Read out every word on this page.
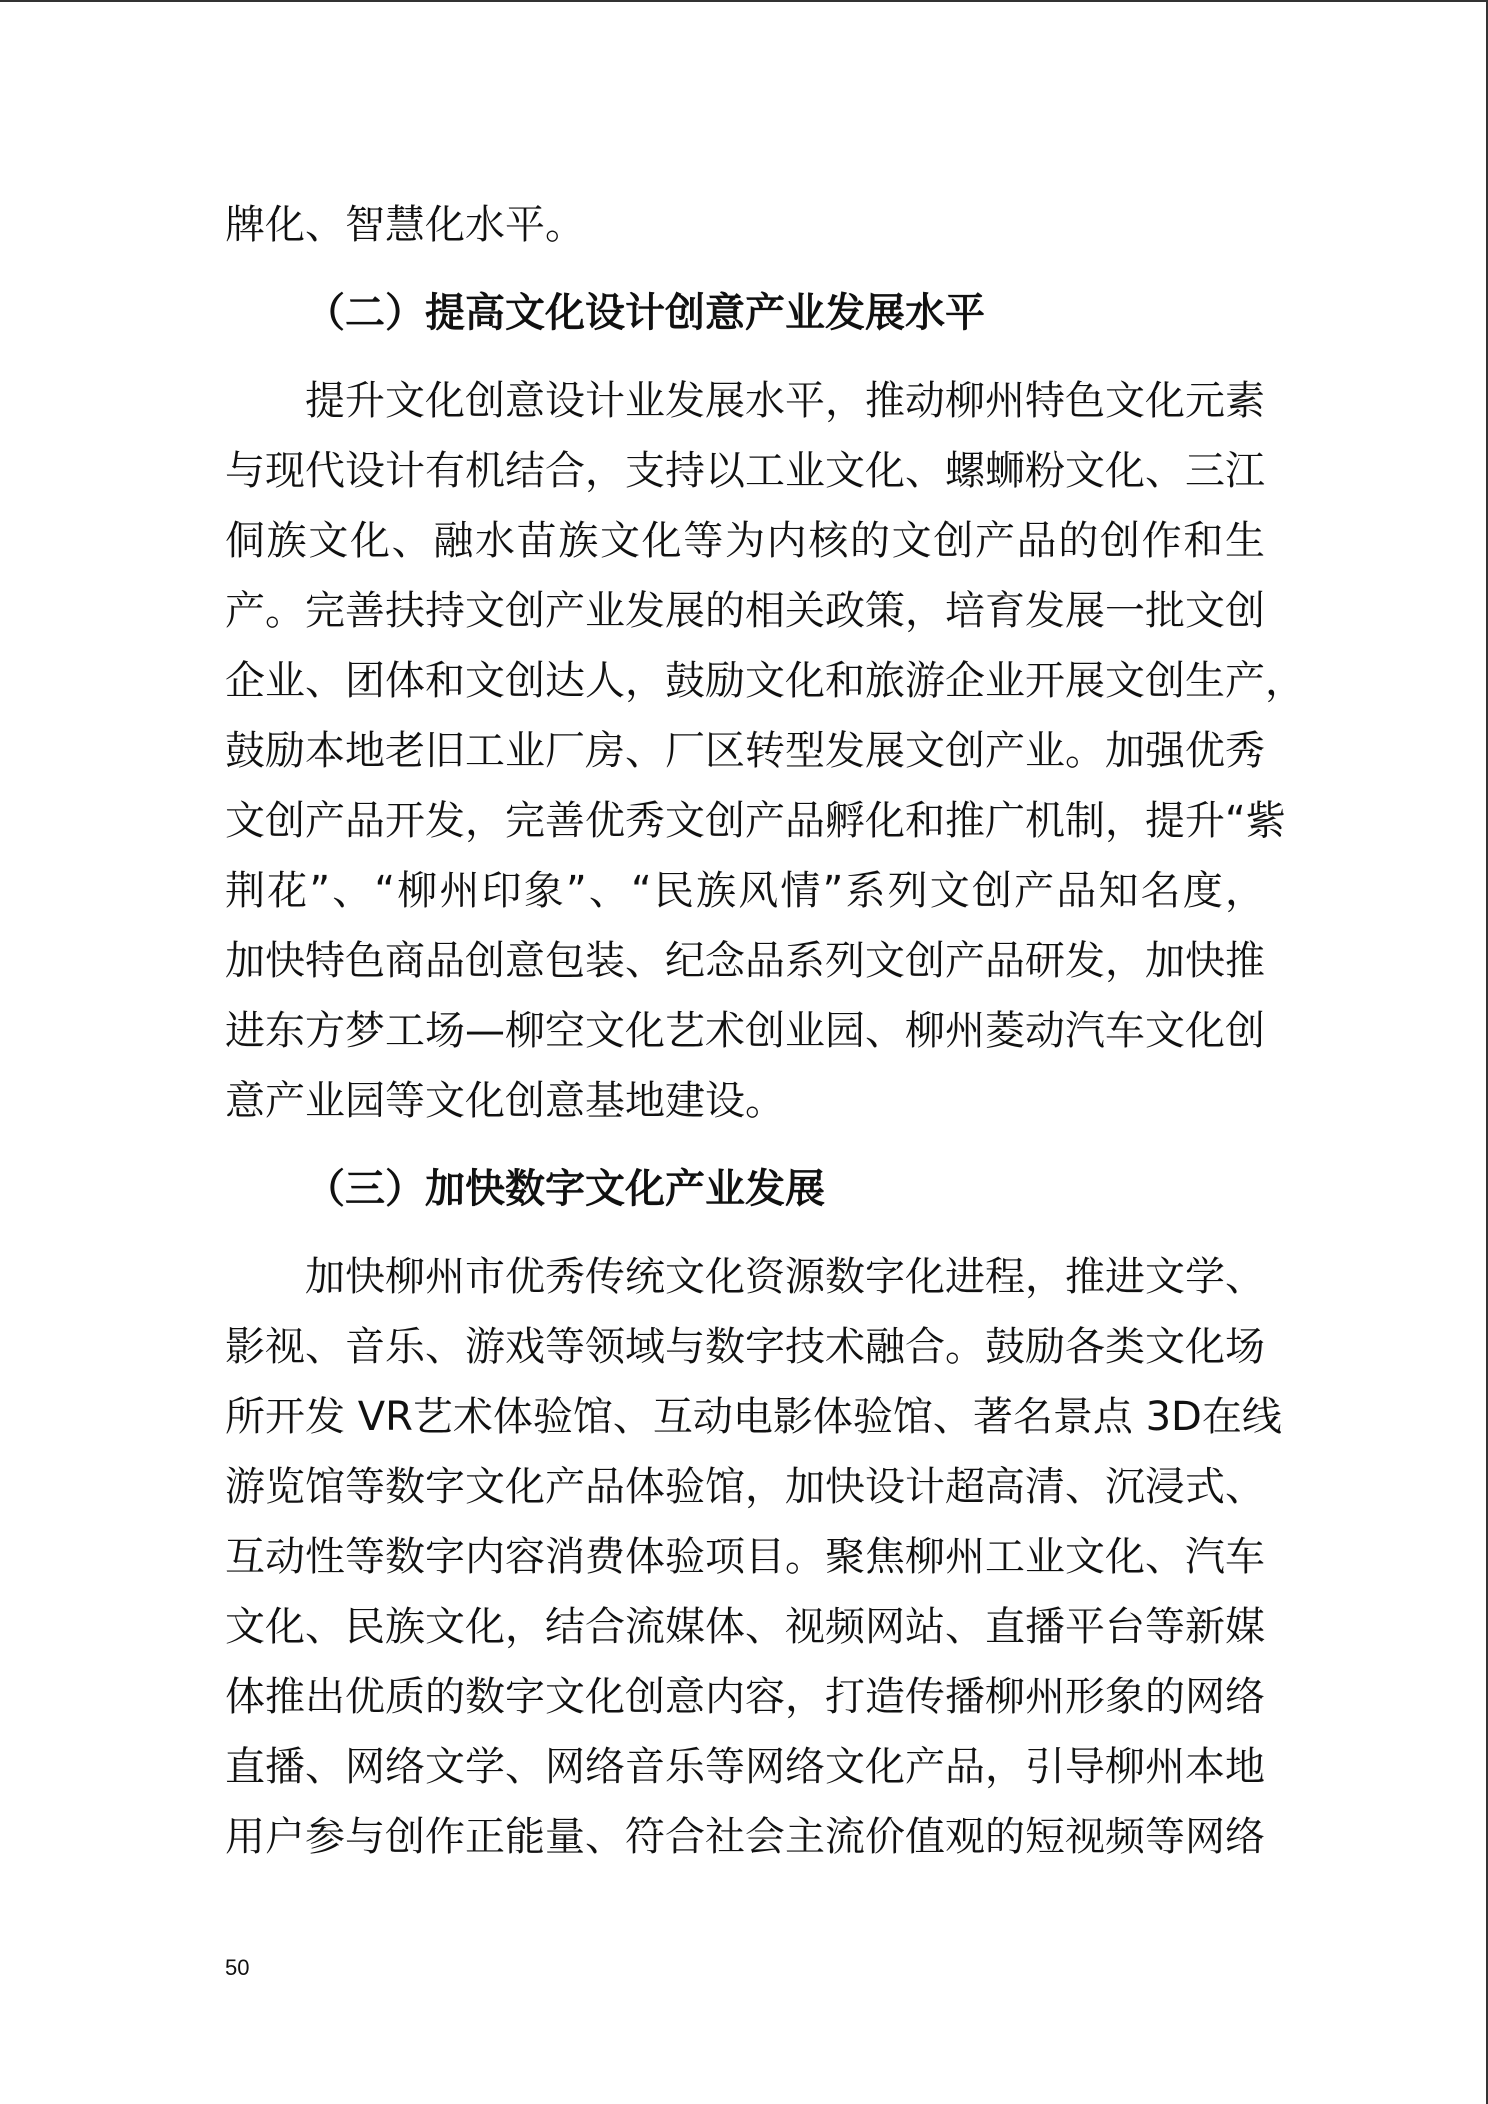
牌化、智慧化水平。
（二）提高文化设计创意产业发展水平
提升文化创意设计业发展水平，推动柳州特色文化元素
与现代设计有机结合，支持以工业文化、螺蛳粉文化、三江
侗族文化、融水苗族文化等为内核的文创产品的创作和生
产。完善扶持文创产业发展的相关政策，培育发展一批文创
企业、团体和文创达人，鼓励文化和旅游企业开展文创生产，
鼓励本地老旧工业厂房、厂区转型发展文创产业。加强优秀
文创产品开发，完善优秀文创产品孵化和推广机制，提升“紫
荆花”、“柳州印象”、“民族风情”系列文创产品知名度，
加快特色商品创意包装、纪念品系列文创产品研发，加快推
进东方梦工场—柳空文化艺术创业园、柳州菱动汽车文化创
意产业园等文化创意基地建设。
（三）加快数字文化产业发展
加快柳州市优秀传统文化资源数字化进程，推进文学、
影视、音乐、游戏等领域与数字技术融合。鼓励各类文化场
所开发 VR艺术体验馆、互动电影体验馆、著名景点 3D在线
游览馆等数字文化产品体验馆，加快设计超高清、沉浸式、
互动性等数字内容消费体验项目。聚焦柳州工业文化、汽车
文化、民族文化，结合流媒体、视频网站、直播平台等新媒
体推出优质的数字文化创意内容，打造传播柳州形象的网络
直播、网络文学、网络音乐等网络文化产品，引导柳州本地
用户参与创作正能量、符合社会主流价值观的短视频等网络
50
